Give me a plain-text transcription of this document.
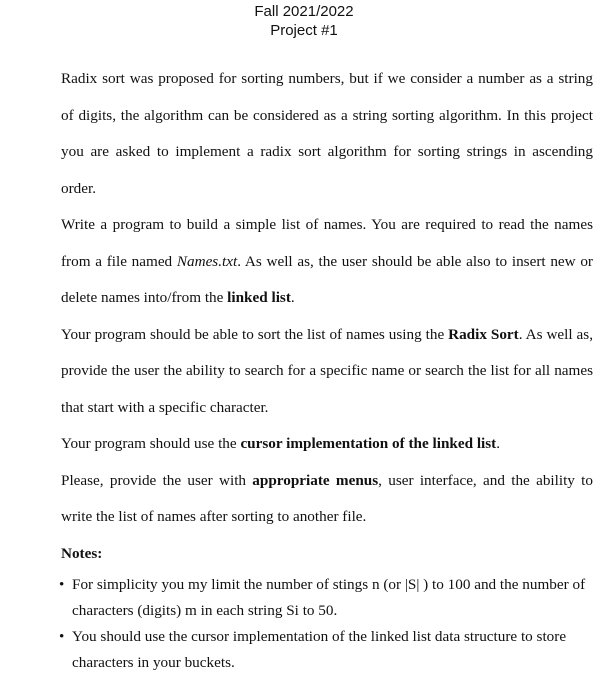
Fall 2021/2022
Project #1

Radix sort was proposed for sorting numbers, but if we consider a number as a string of digits, the algorithm can be considered as a string sorting algorithm. In this project you are asked to implement a radix sort algorithm for sorting strings in ascending order.

Write a program to build a simple list of names. You are required to read the names from a file named Names.txt. As well as, the user should be able also to insert new or delete names into/from the linked list.

Your program should be able to sort the list of names using the Radix Sort. As well as, provide the user the ability to search for a specific name or search the list for all names that start with a specific character.

Your program should use the cursor implementation of the linked list.

Please, provide the user with appropriate menus, user interface, and the ability to write the list of names after sorting to another file.

Notes:

• For simplicity you my limit the number of stings n (or |S| ) to 100 and the number of characters (digits) m in each string Si to 50.
• You should use the cursor implementation of the linked list data structure to store characters in your buckets.
